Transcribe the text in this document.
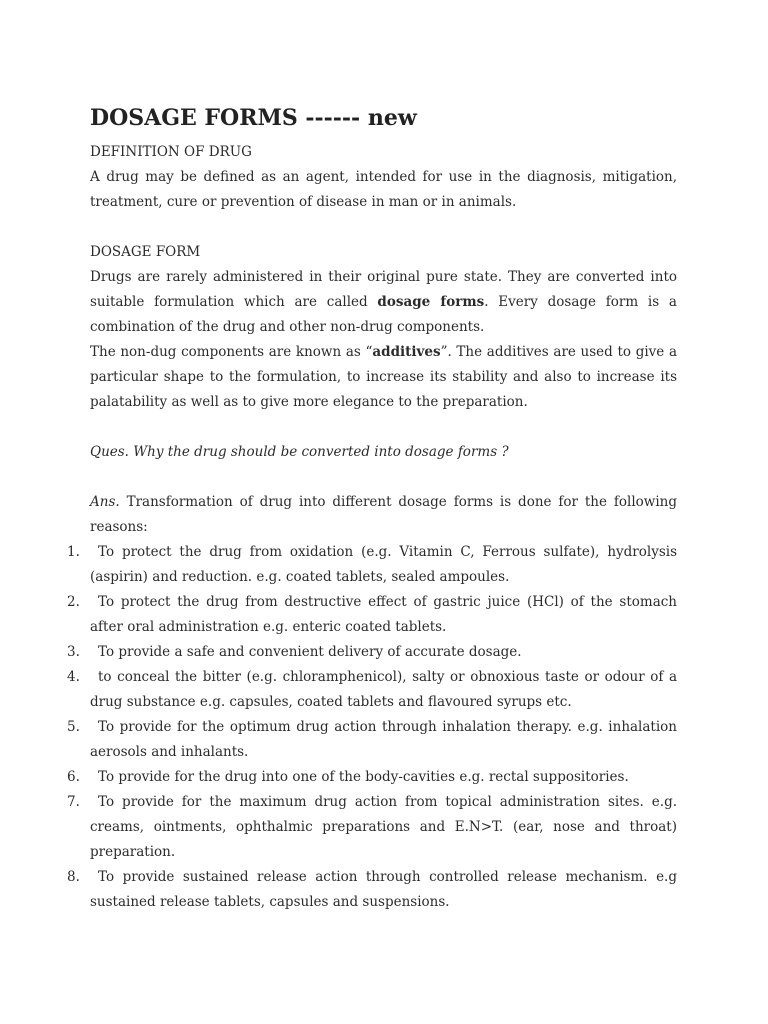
DOSAGE FORMS ------ new
DEFINITION OF DRUG

A drug may be defined as an agent, intended for use in the diagnosis, mitigation, treatment, cure or prevention of disease in man or in animals.

DOSAGE FORM

Drugs are rarely administered in their original pure state. They are converted into suitable formulation which are called dosage forms. Every dosage form is a combination of the drug and other non-drug components.

The non-dug components are known as “additives”. The additives are used to give a particular shape to the formulation, to increase its stability and also to increase its palatability as well as to give more elegance to the preparation.

Ques. Why the drug should be converted into dosage forms ?

Ans. Transformation of drug into different dosage forms is done for the following reasons:

1.	To protect the drug from oxidation (e.g. Vitamin C, Ferrous sulfate), hydrolysis (aspirin) and reduction. e.g. coated tablets, sealed ampoules.
2.	To protect the drug from destructive effect of gastric juice (HCl) of the stomach after oral administration e.g. enteric coated tablets.
3.	To provide a safe and convenient delivery of accurate dosage.
4.	to conceal the bitter (e.g. chloramphenicol), salty or obnoxious taste or odour of a drug substance e.g. capsules, coated tablets and flavoured syrups etc.
5.	To provide for the optimum drug action through inhalation therapy. e.g. inhalation aerosols and inhalants.
6.	To provide for the drug into one of the body-cavities e.g. rectal suppositories.
7.	To provide for the maximum drug action from topical administration sites. e.g. creams, ointments, ophthalmic preparations and E.N>T. (ear, nose and throat) preparation.
8.	To provide sustained release action through controlled release mechanism. e.g sustained release tablets, capsules and suspensions.
